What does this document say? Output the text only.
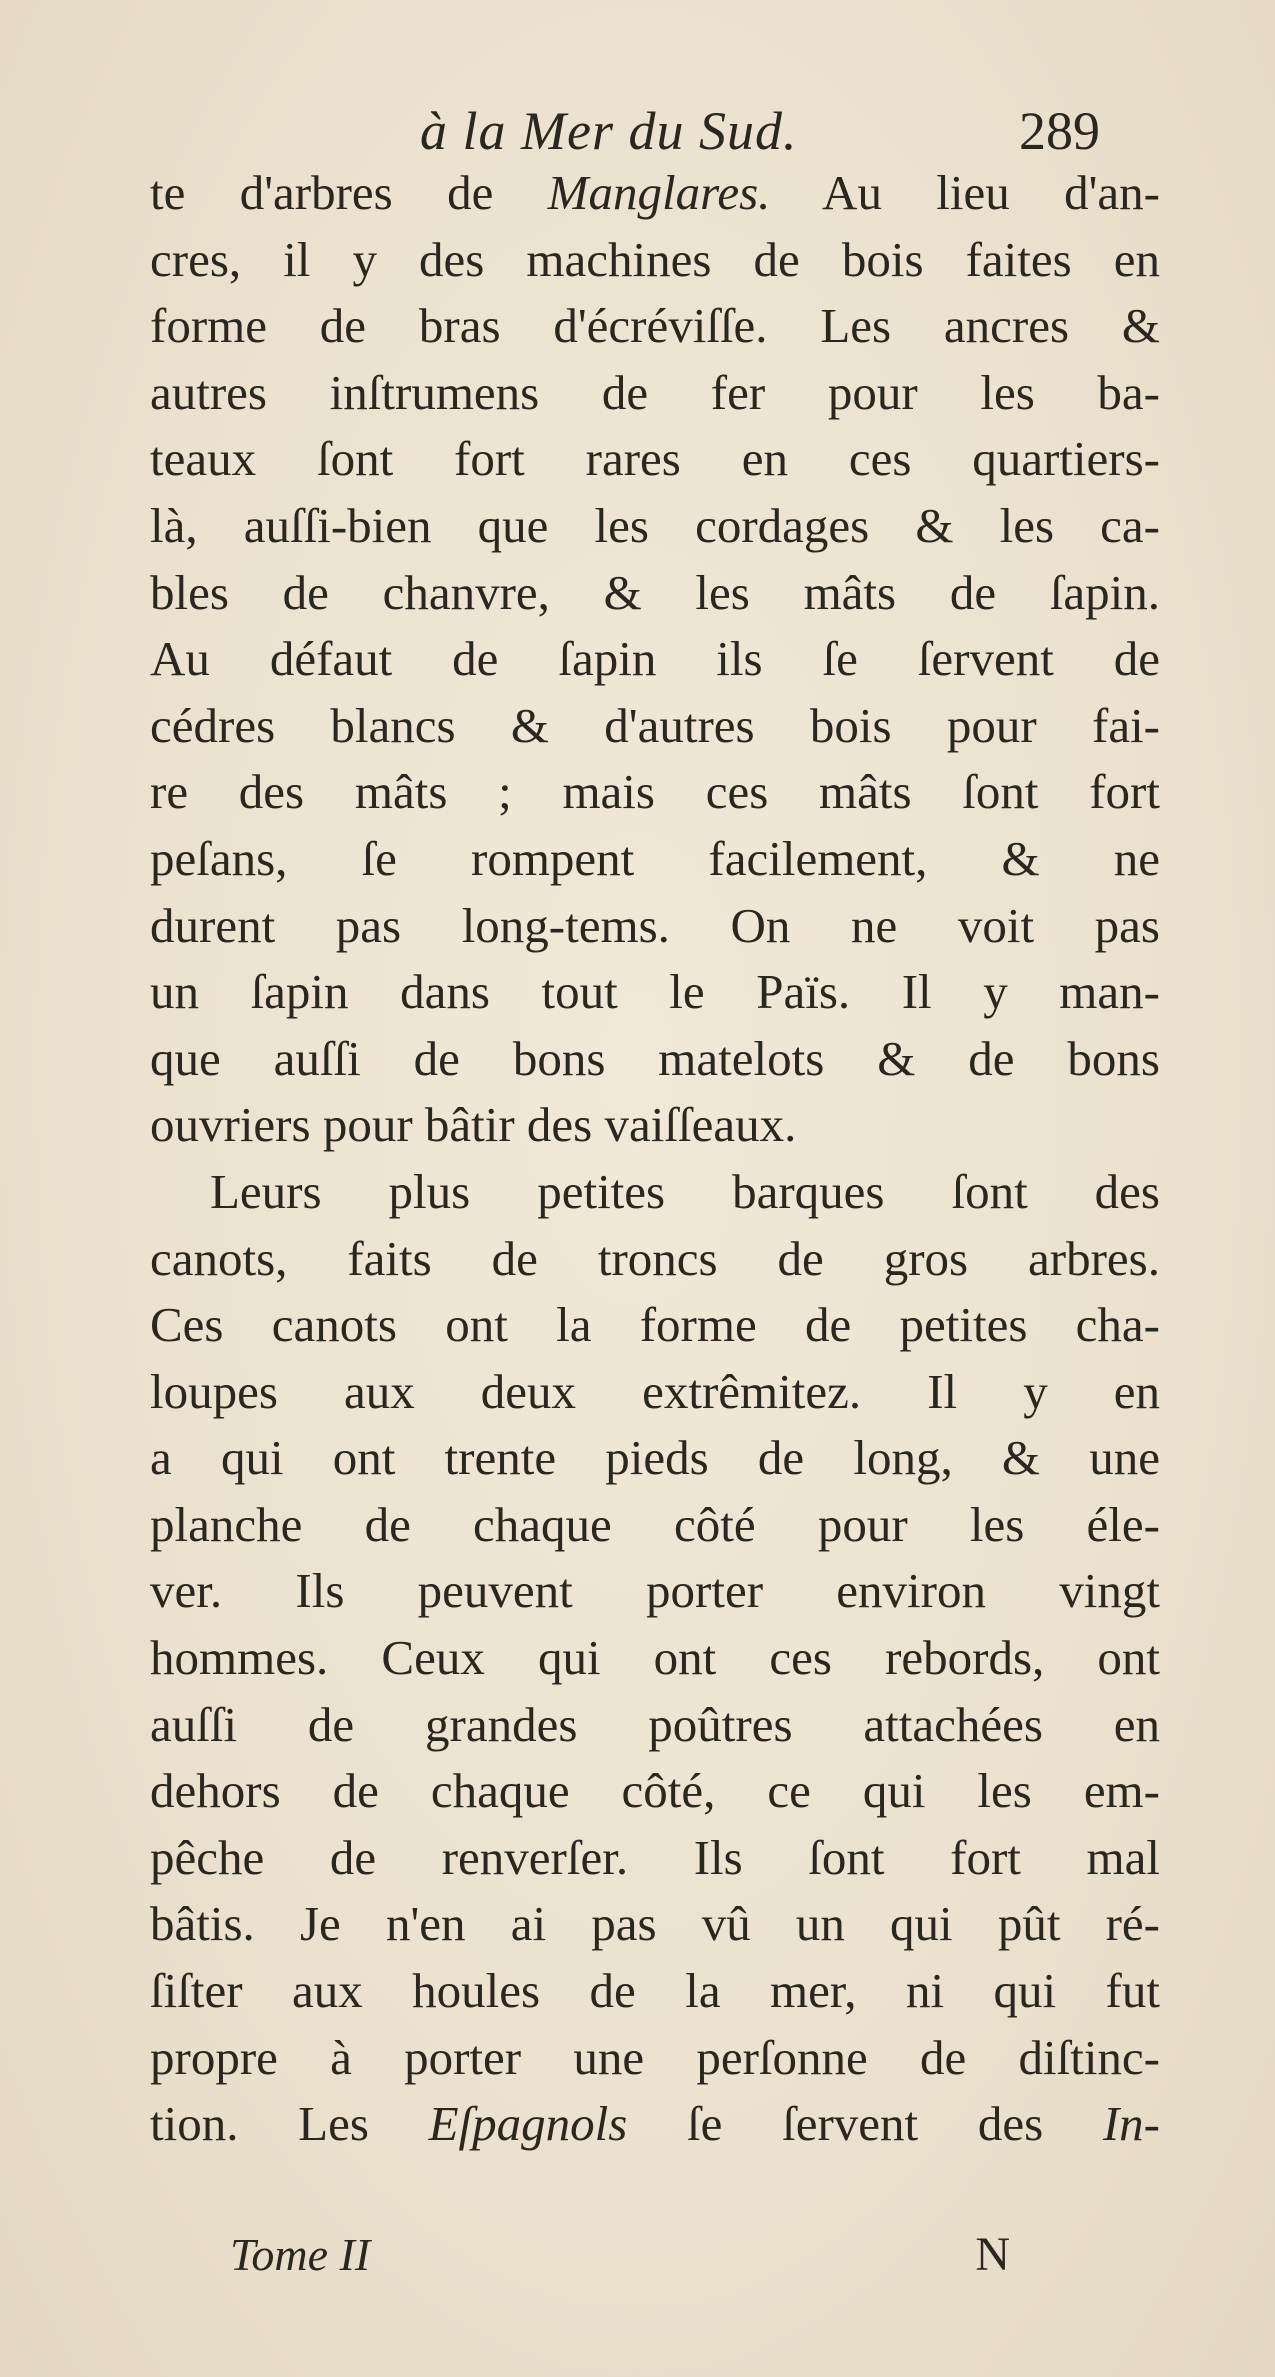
à la Mer du Sud.	289
te d'arbres de Manglares. Au lieu d'an-
cres, il y des machines de bois faites en
forme de bras d'écréviſſe. Les ancres &
autres inſtrumens de fer pour les ba-
teaux ſont fort rares en ces quartiers-
là, auſſi-bien que les cordages & les ca-
bles de chanvre, & les mâts de ſapin.
Au défaut de ſapin ils ſe ſervent de
cédres blancs & d'autres bois pour fai-
re des mâts ; mais ces mâts ſont fort
peſans, ſe rompent facilement, & ne
durent pas long-tems. On ne voit pas
un ſapin dans tout le Païs. Il y man-
que auſſi de bons matelots & de bons
ouvriers pour bâtir des vaiſſeaux.
Leurs plus petites barques ſont des
canots, faits de troncs de gros arbres.
Ces canots ont la forme de petites cha-
loupes aux deux extrêmitez. Il y en
a qui ont trente pieds de long, & une
planche de chaque côté pour les éle-
ver. Ils peuvent porter environ vingt
hommes. Ceux qui ont ces rebords, ont
auſſi de grandes poûtres attachées en
dehors de chaque côté, ce qui les em-
pêche de renverſer. Ils ſont fort mal
bâtis. Je n'en ai pas vû un qui pût ré-
ſiſter aux houles de la mer, ni qui fut
propre à porter une perſonne de diſtinc-
tion. Les Eſpagnols ſe ſervent des In-
Tome II	N
